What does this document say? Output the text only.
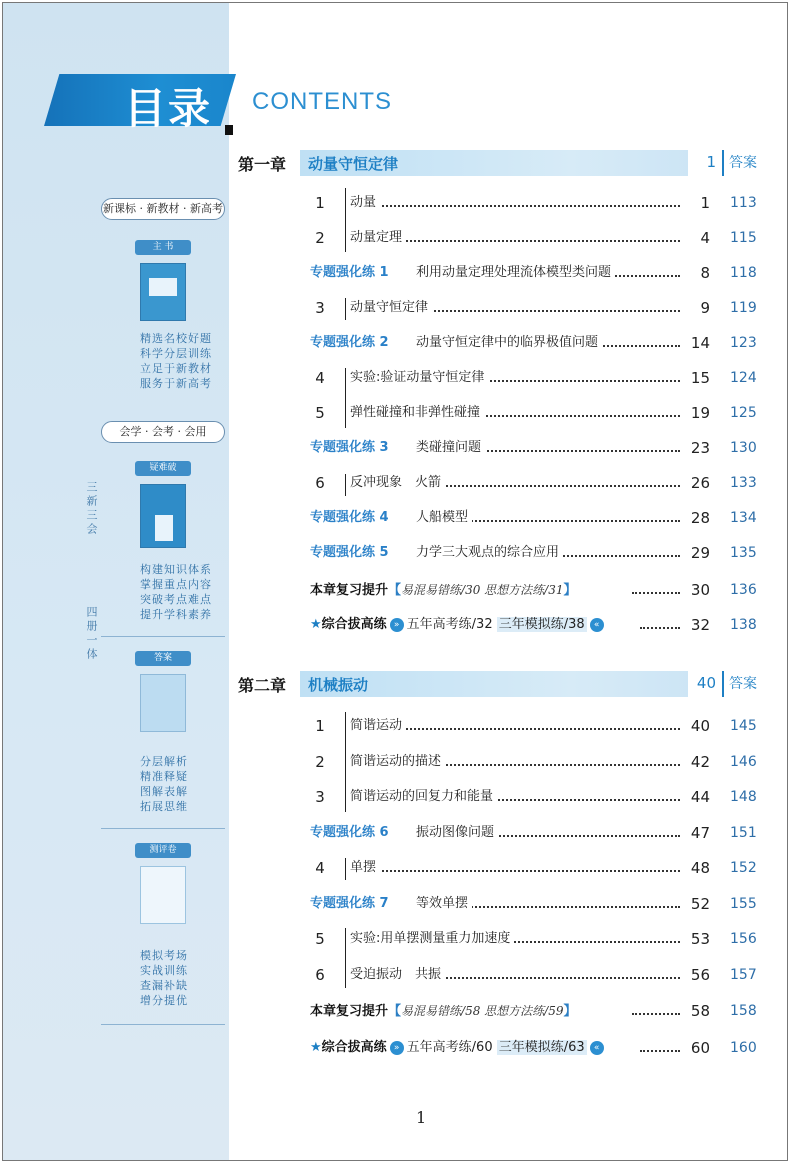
三新三会
四册一体
新课标 · 新教材 · 新高考
主 书
精选名校好题
科学分层训练
立足于新教材
服务于新高考
会学 · 会考 · 会用
疑难破
构建知识体系
掌握重点内容
突破考点难点
提升学科素养
答案
分层解析
精准释疑
图解表解
拓展思维
测评卷
模拟考场
实战训练
查漏补缺
增分提优
目录 CONTENTS
第一章 动量守恒定律	1 答案
1	动量	1 113
2	动量定理	4 115
专题强化练 1 利用动量定理处理流体模型类问题	8 118
3	动量守恒定律	9 119
专题强化练 2 动量守恒定律中的临界极值问题	14 123
4	实验:验证动量守恒定律	15 124
5	弹性碰撞和非弹性碰撞	19 125
专题强化练 3 类碰撞问题	23 130
6	反冲现象　火箭	26 133
专题强化练 4 人船模型	28 134
专题强化练 5 力学三大观点的综合应用	29 135
本章复习提升【易混易错练/30 思想方法练/31】	30 136
★综合拔高练 » 五年高考练/32 三年模拟练/38 «	32 138
第二章 机械振动	40 答案
1	简谐运动	40 145
2	简谐运动的描述	42 146
3	简谐运动的回复力和能量	44 148
专题强化练 6 振动图像问题	47 151
4	单摆	48 152
专题强化练 7 等效单摆	52 155
5	实验:用单摆测量重力加速度	53 156
6	受迫振动　共振	56 157
本章复习提升【易混易错练/58 思想方法练/59】	58 158
★综合拔高练 » 五年高考练/60 三年模拟练/63 «	60 160
1
